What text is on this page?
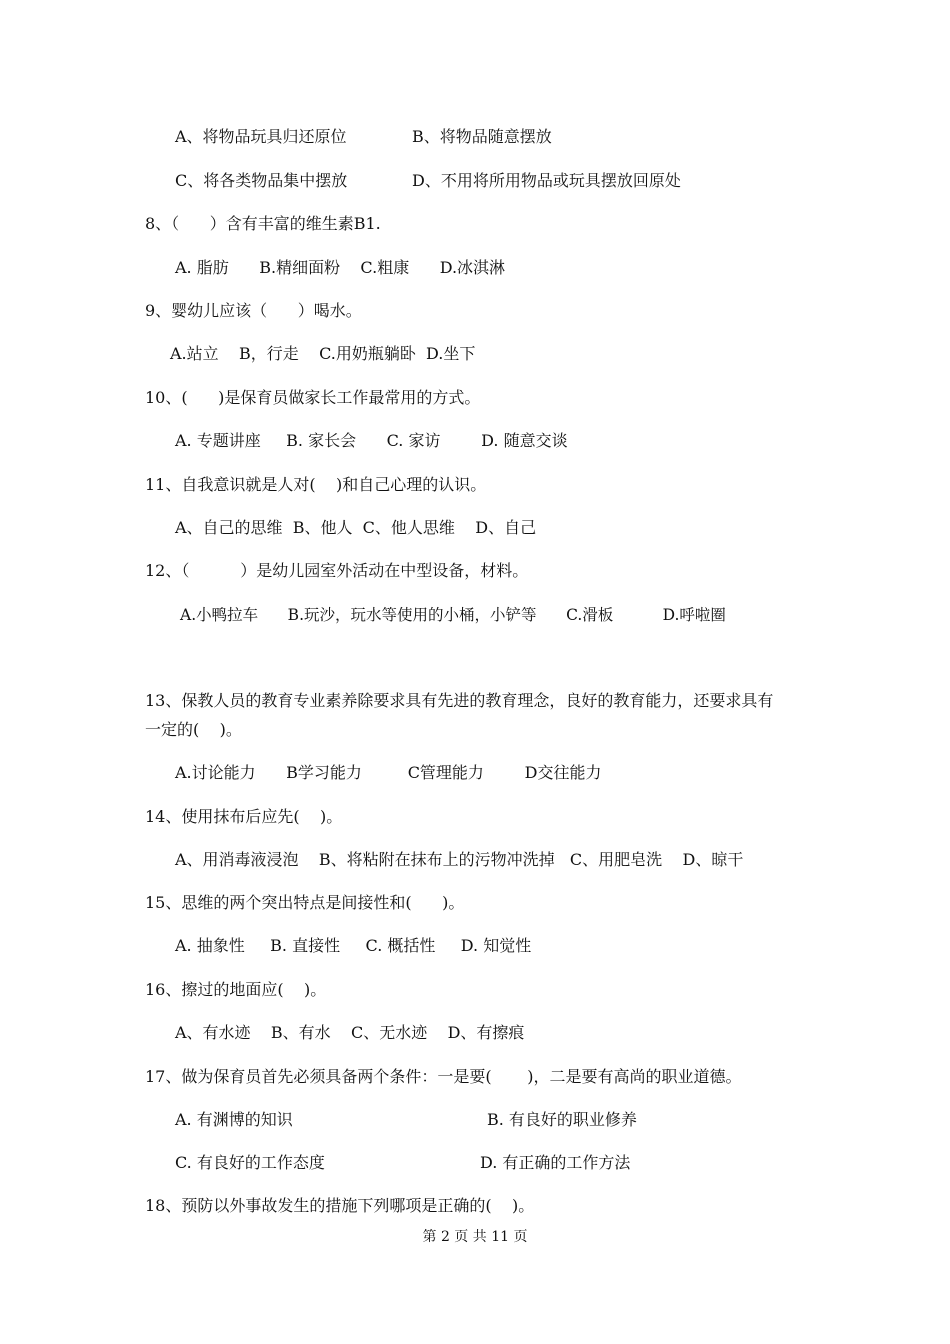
A、将物品玩具归还原位	B、将物品随意摆放
C、将各类物品集中摆放	D、不用将所用物品或玩具摆放回原处
8、（      ）含有丰富的维生素B1.
A. 脂肪      B.精细面粉    C.粗康      D.冰淇淋
9、婴幼儿应该（      ）喝水。
A.站立    B，行走    C.用奶瓶躺卧  D.坐下
10、(      )是保育员做家长工作最常用的方式。
A. 专题讲座     B. 家长会      C. 家访        D. 随意交谈
11、自我意识就是人对(    )和自己心理的认识。
A、自己的思维  B、他人  C、他人思维    D、自己
12、（          ）是幼儿园室外活动在中型设备，材料。
A.小鸭拉车      B.玩沙，玩水等使用的小桶，小铲等      C.滑板          D.呼啦圈
13、保教人员的教育专业素养除要求具有先进的教育理念，良好的教育能力，还要求具有
一定的(    )。
A.讨论能力      B学习能力         C管理能力        D交往能力
14、使用抹布后应先(    )。
A、用消毒液浸泡    B、将粘附在抹布上的污物冲洗掉   C、用肥皂洗    D、晾干
15、思维的两个突出特点是间接性和(      )。
A. 抽象性     B. 直接性     C. 概括性     D. 知觉性
16、擦过的地面应(    )。
A、有水迹    B、有水    C、无水迹    D、有擦痕
17、做为保育员首先必须具备两个条件：一是要(       )，二是要有高尚的职业道德。
A. 有渊博的知识	B. 有良好的职业修养
C. 有良好的工作态度	D. 有正确的工作方法
18、预防以外事故发生的措施下列哪项是正确的(    )。
第 2 页 共 11 页
